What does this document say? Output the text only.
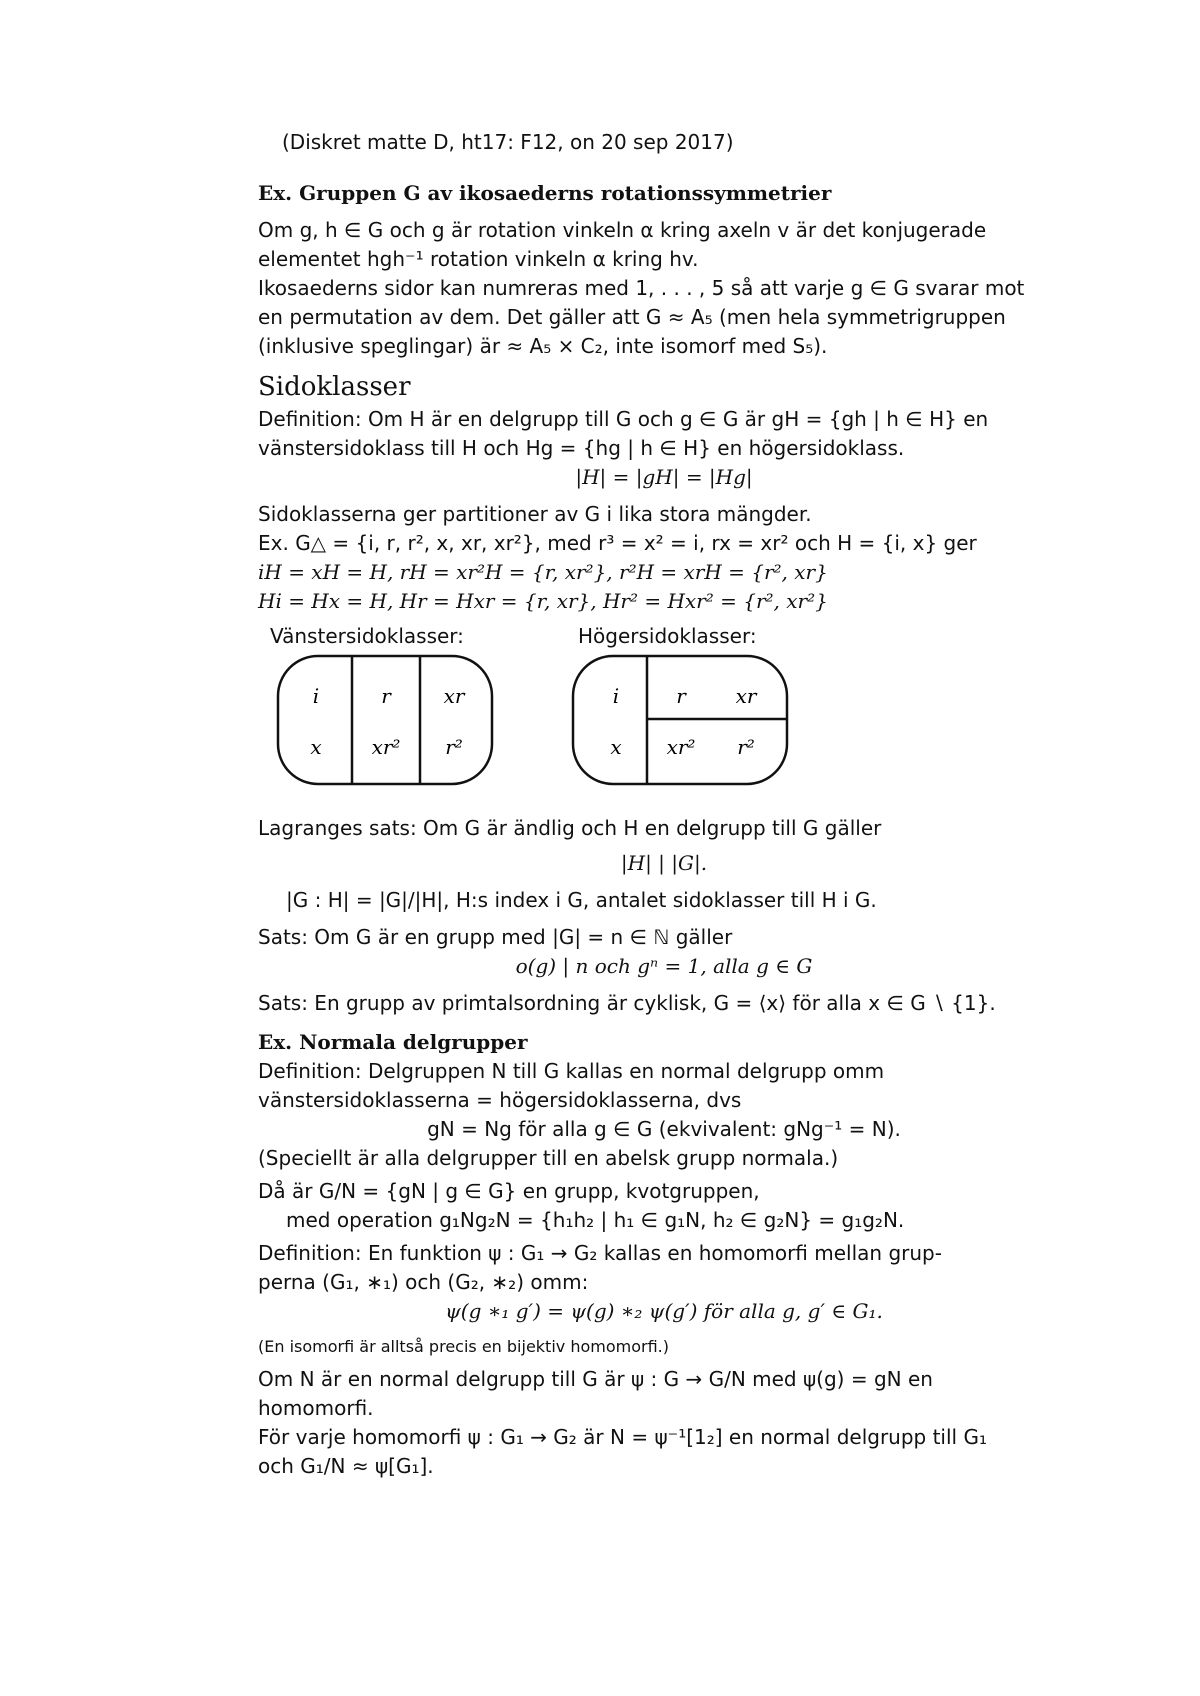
(Diskret matte D, ht17: F12, on 20 sep 2017)
Ex. Gruppen G av ikosaederns rotationssymmetrier
Om g, h ∈ G och g är rotation vinkeln α kring axeln v är det konjugerade
elementet hgh⁻¹ rotation vinkeln α kring hv.
Ikosaederns sidor kan numreras med 1, . . . , 5 så att varje g ∈ G svarar mot
en permutation av dem. Det gäller att G ≈ A₅ (men hela symmetrigruppen
(inklusive speglingar) är ≈ A₅ × C₂, inte isomorf med S₅).
Sidoklasser
Definition: Om H är en delgrupp till G och g ∈ G är gH = {gh | h ∈ H} en
vänstersidoklass till H och Hg = {hg | h ∈ H} en högersidoklass.
|H| = |gH| = |Hg|
Sidoklasserna ger partitioner av G i lika stora mängder.
Ex. G△ = {i, r, r², x, xr, xr²}, med r³ = x² = i, rx = xr² och H = {i, x} ger
iH = xH = H, rH = xr²H = {r, xr²}, r²H = xrH = {r², xr}
Hi = Hx = H, Hr = Hxr = {r, xr}, Hr² = Hxr² = {r², xr²}
Vänstersidoklasser:	Högersidoklasser:
i
x
r
xr²
xr
r²
i
x
r xr
xr² r²
Lagranges sats: Om G är ändlig och H en delgrupp till G gäller
|H| | |G|.
|G : H| = |G|/|H|, H:s index i G, antalet sidoklasser till H i G.
Sats: Om G är en grupp med |G| = n ∈ ℕ gäller
o(g) | n och gⁿ = 1, alla g ∈ G
Sats: En grupp av primtalsordning är cyklisk, G = ⟨x⟩ för alla x ∈ G ∖ {1}.
Ex. Normala delgrupper
Definition: Delgruppen N till G kallas en normal delgrupp omm
vänstersidoklasserna = högersidoklasserna, dvs
gN = Ng för alla g ∈ G (ekvivalent: gNg⁻¹ = N).
(Speciellt är alla delgrupper till en abelsk grupp normala.)
Då är G/N = {gN | g ∈ G} en grupp, kvotgruppen,
med operation g₁Ng₂N = {h₁h₂ | h₁ ∈ g₁N, h₂ ∈ g₂N} = g₁g₂N.
Definition: En funktion ψ : G₁ → G₂ kallas en homomorfi mellan grup-
perna (G₁, ∗₁) och (G₂, ∗₂) omm:
ψ(g ∗₁ g′) = ψ(g) ∗₂ ψ(g′) för alla g, g′ ∈ G₁.
(En isomorfi är alltså precis en bijektiv homomorfi.)
Om N är en normal delgrupp till G är ψ : G → G/N med ψ(g) = gN en
homomorfi.
För varje homomorfi ψ : G₁ → G₂ är N = ψ⁻¹[1₂] en normal delgrupp till G₁
och G₁/N ≈ ψ[G₁].
